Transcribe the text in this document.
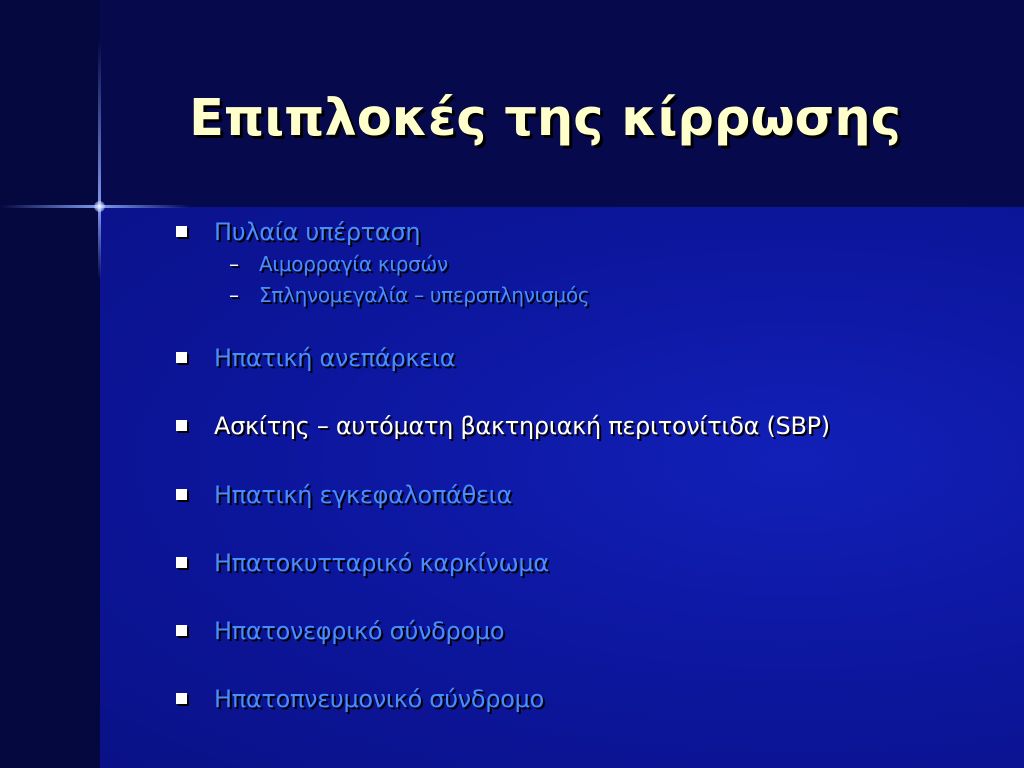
Επιπλοκές της κίρρωσης
Πυλαία υπέρταση
– Αιμορραγία κιρσών
– Σπληνομεγαλία – υπερσπληνισμός
Ηπατική ανεπάρκεια
Ασκίτης – αυτόματη βακτηριακή περιτονίτιδα (SBP)
Ηπατική εγκεφαλοπάθεια
Ηπατοκυτταρικό καρκίνωμα
Ηπατονεφρικό σύνδρομο
Ηπατοπνευμονικό σύνδρομο
